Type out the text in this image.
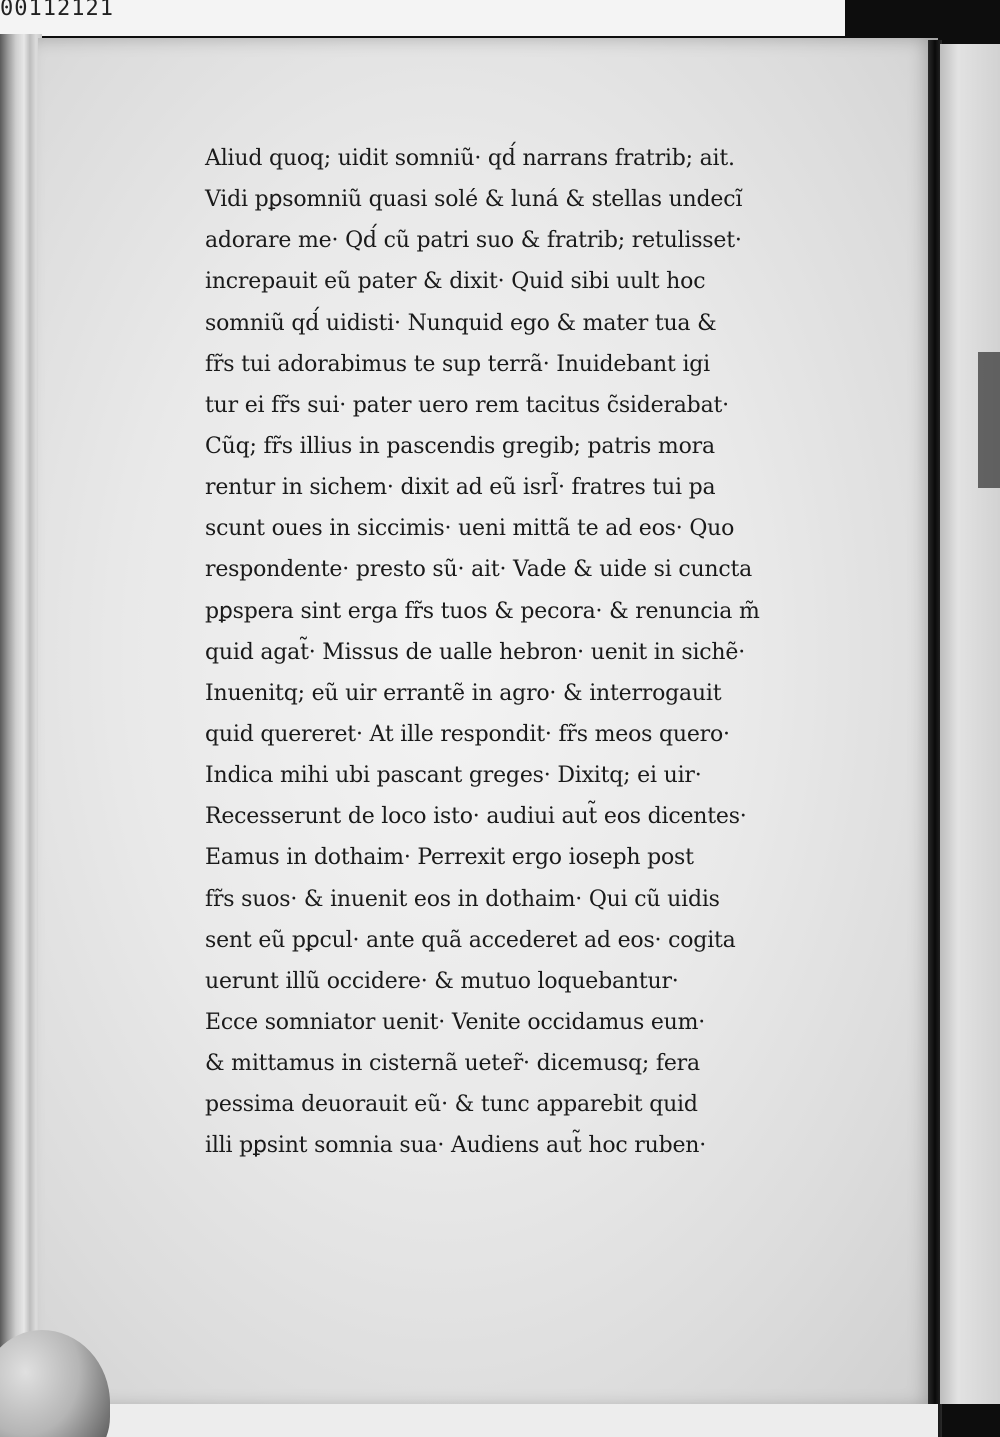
00112121
Aliud quoq; uidit somniũ· qd́ narrans fratrib; ait.
Vidi pꝑsomniũ quasi solé & luná & stellas undecĩ
adorare me· Qd́ cũ patri suo & fratrib; retulisset·
increpauit eũ pater & dixit· Quid sibi uult hoc
somniũ qd́ uidisti· Nunquid ego & mater tua &
fr̃s tui adorabimus te sup terrã· Inuidebant igi
tur ei fr̃s sui· pater uero rem tacitus c̃siderabat·
Cũq; fr̃s illius in pascendis gregib; patris mora
rentur in sichem· dixit ad eũ isrl̃· fratres tui pa
scunt oues in siccimis· ueni mittã te ad eos· Quo
respondente· presto sũ· ait· Vade & uide si cuncta
pꝑspera sint erga fr̃s tuos & pecora· & renuncia m̃
quid agat̃· Missus de ualle hebron· uenit in sichẽ·
Inuenitq; eũ uir errantẽ in agro· & interrogauit
quid quereret· At ille respondit· fr̃s meos quero·
Indica mihi ubi pascant greges· Dixitq; ei uir·
Recesserunt de loco isto· audiui aut̃ eos dicentes·
Eamus in dothaim· Perrexit ergo ioseph post
fr̃s suos· & inuenit eos in dothaim· Qui cũ uidis
sent eũ pꝑcul· ante quã accederet ad eos· cogita
uerunt illũ occidere· & mutuo loquebantur·
Ecce somniator uenit· Venite occidamus eum·
& mittamus in cisternã ueter̃· dicemusq; fera
pessima deuorauit eũ· & tunc apparebit quid
illi pꝑsint somnia sua· Audiens aut̃ hoc ruben·
